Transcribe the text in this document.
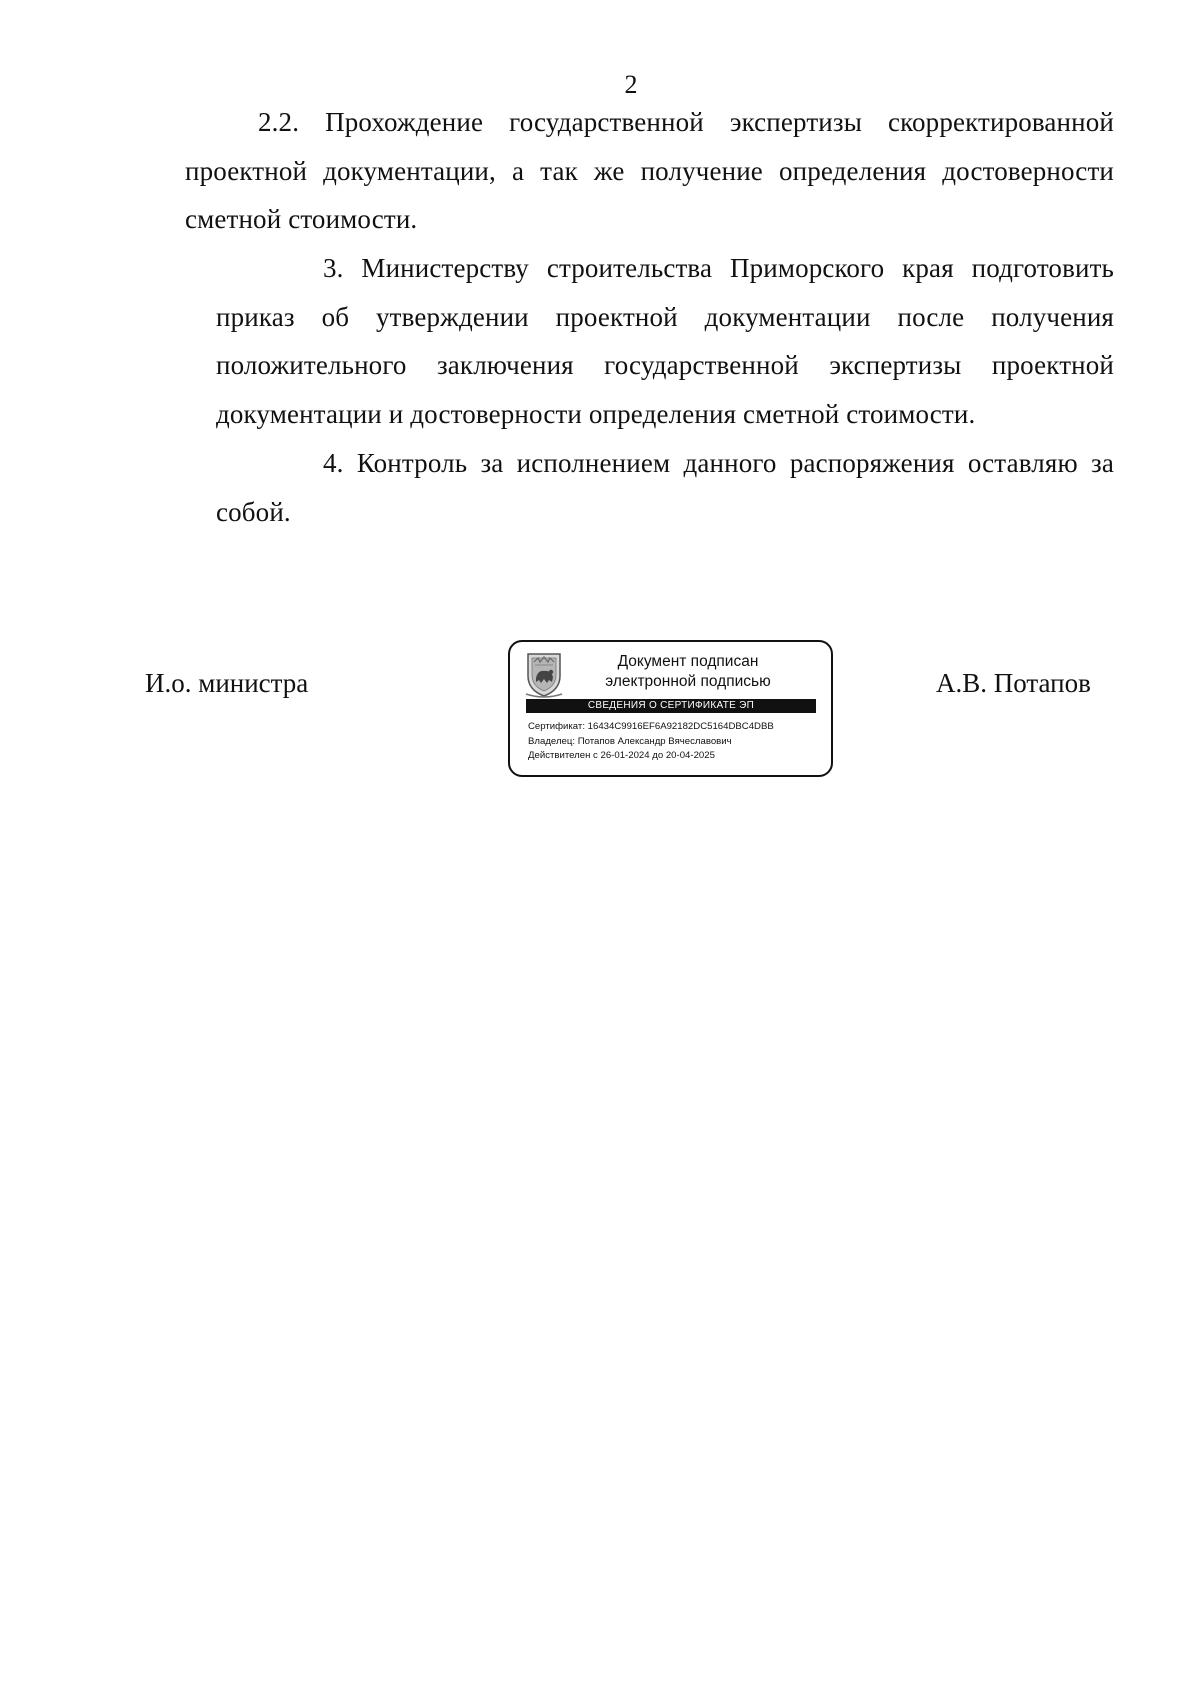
2
2.2. Прохождение государственной экспертизы скорректированной проектной документации, а так же получение определения достоверности сметной стоимости.
3. Министерству строительства Приморского края подготовить приказ об утверждении проектной документации после получения положительного заключения государственной экспертизы проектной документации и достоверности определения сметной стоимости.
4. Контроль за исполнением данного распоряжения оставляю за собой.
И.о. министра
Документ подписан
электронной подписью
СВЕДЕНИЯ О СЕРТИФИКАТЕ ЭП
Сертификат: 16434C9916EF6A92182DC5164DBC4DBB
Владелец: Потапов Александр Вячеславович
Действителен с 26-01-2024 до 20-04-2025
А.В. Потапов
